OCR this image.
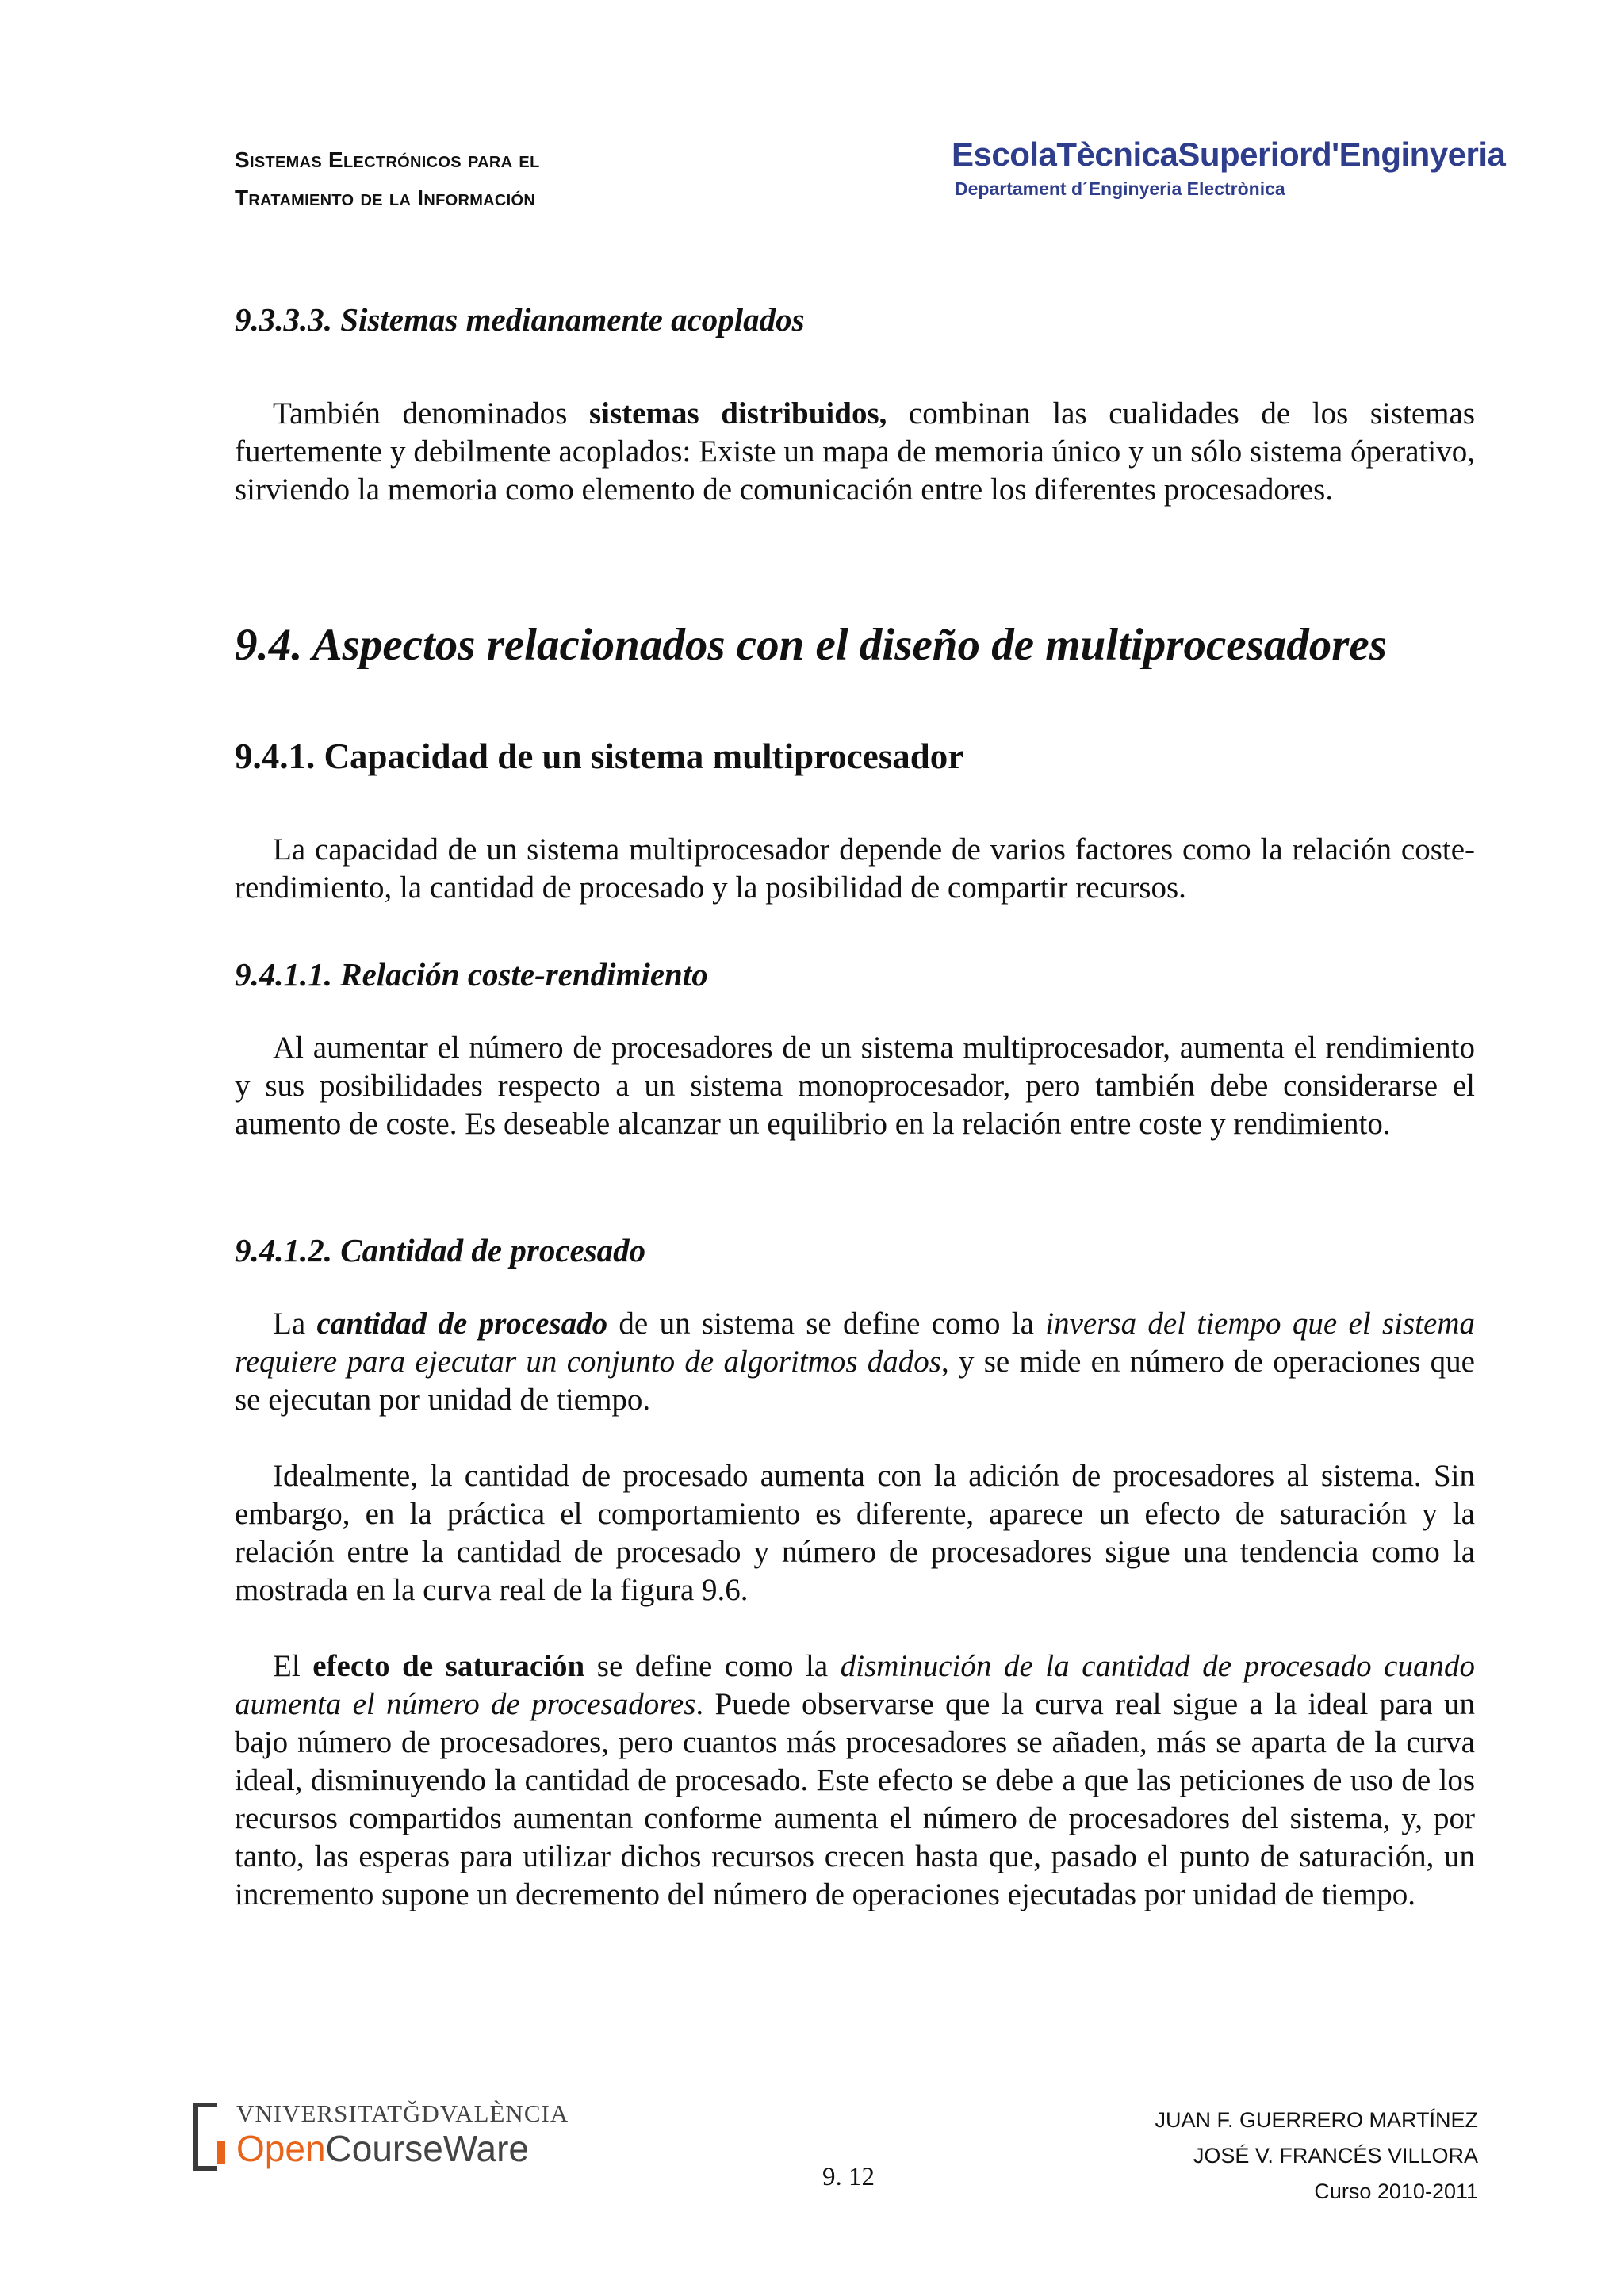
Sistemas Electrónicos para el
Tratamiento de la Información
EscolaTècnicaSuperiord'Enginyeria
Departament d´Enginyeria Electrònica
9.3.3.3. Sistemas medianamente acoplados

También denominados sistemas distribuidos, combinan las cualidades de los sistemas fuertemente y debilmente acoplados: Existe un mapa de memoria único y un sólo sistema óperativo, sirviendo la memoria como elemento de comunicación entre los diferentes procesadores.

9.4. Aspectos relacionados con el diseño de multiprocesadores
9.4.1. Capacidad de un sistema multiprocesador

La capacidad de un sistema multiprocesador depende de varios factores como la relación coste-rendimiento, la cantidad de procesado y la posibilidad de compartir recursos.

9.4.1.1. Relación coste-rendimiento

Al aumentar el número de procesadores de un sistema multiprocesador, aumenta el rendimiento y sus posibilidades respecto a un sistema monoprocesador, pero también debe considerarse el aumento de coste. Es deseable alcanzar un equilibrio en la relación entre coste y rendimiento.

9.4.1.2. Cantidad de procesado

La cantidad de procesado de un sistema se define como la inversa del tiempo que el sistema requiere para ejecutar un conjunto de algoritmos dados, y se mide en número de operaciones que se ejecutan por unidad de tiempo.

Idealmente, la cantidad de procesado aumenta con la adición de procesadores al sistema. Sin embargo, en la práctica el comportamiento es diferente, aparece un efecto de saturación y la relación entre la cantidad de procesado y número de procesadores sigue una tendencia como la mostrada en la curva real de la figura 9.6.

El efecto de saturación se define como la disminución de la cantidad de procesado cuando aumenta el número de procesadores. Puede observarse que la curva real sigue a la ideal para un bajo número de procesadores, pero cuantos más procesadores se añaden, más se aparta de la curva ideal, disminuyendo la cantidad de procesado. Este efecto se debe a que las peticiones de uso de los recursos compartidos aumentan conforme aumenta el número de procesadores del sistema, y, por tanto, las esperas para utilizar dichos recursos crecen hasta que, pasado el punto de saturación, un incremento supone un decremento del número de operaciones ejecutadas por unidad de tiempo.

VNIVERSITATǦDVALÈNCIA
OpenCourseWare
9. 12
JUAN F. GUERRERO MARTÍNEZ
JOSÉ V. FRANCÉS VILLORA
Curso 2010-2011
